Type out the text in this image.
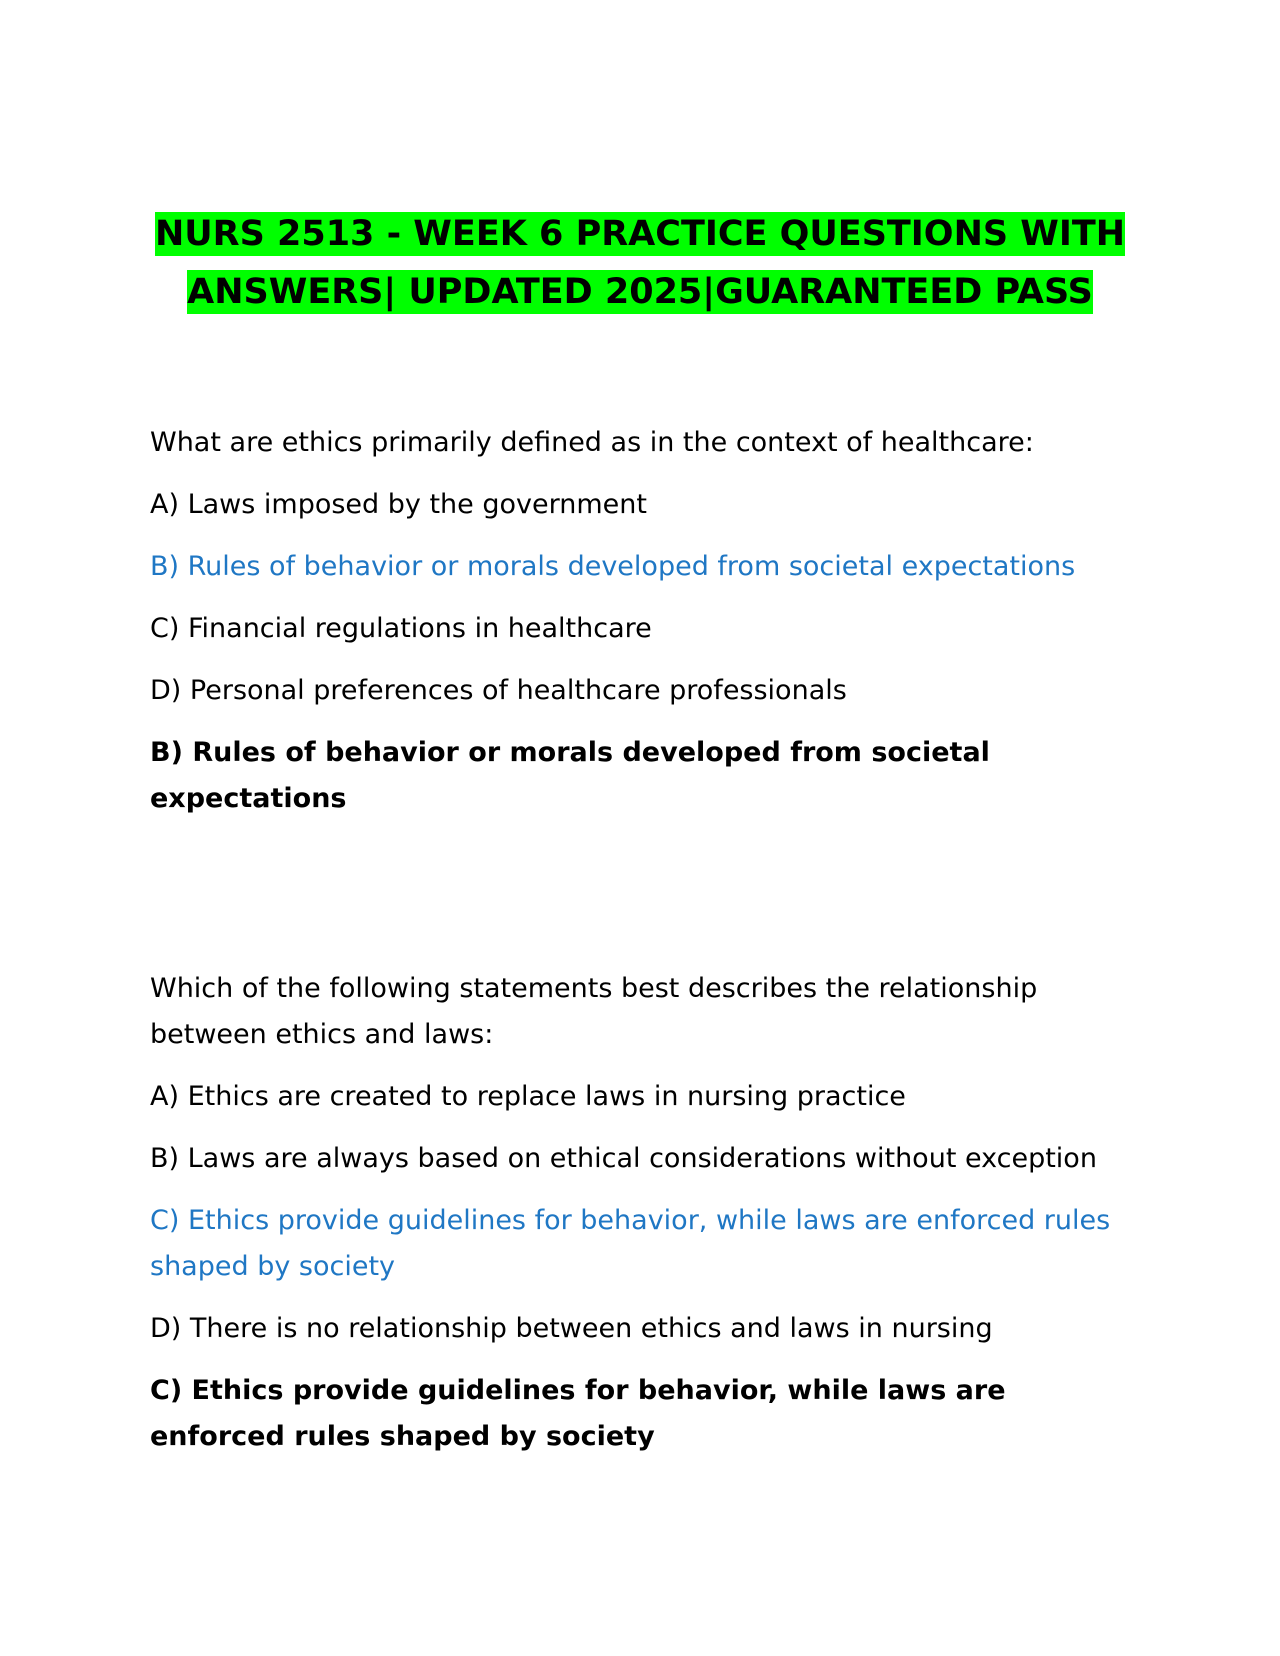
NURS 2513 - WEEK 6 PRACTICE QUESTIONS WITH
ANSWERS| UPDATED 2025|GUARANTEED PASS

What are ethics primarily defined as in the context of healthcare:

A) Laws imposed by the government

B) Rules of behavior or morals developed from societal expectations

C) Financial regulations in healthcare

D) Personal preferences of healthcare professionals

B) Rules of behavior or morals developed from societal expectations

Which of the following statements best describes the relationship between ethics and laws:

A) Ethics are created to replace laws in nursing practice

B) Laws are always based on ethical considerations without exception

C) Ethics provide guidelines for behavior, while laws are enforced rules shaped by society

D) There is no relationship between ethics and laws in nursing

C) Ethics provide guidelines for behavior, while laws are enforced rules shaped by society
